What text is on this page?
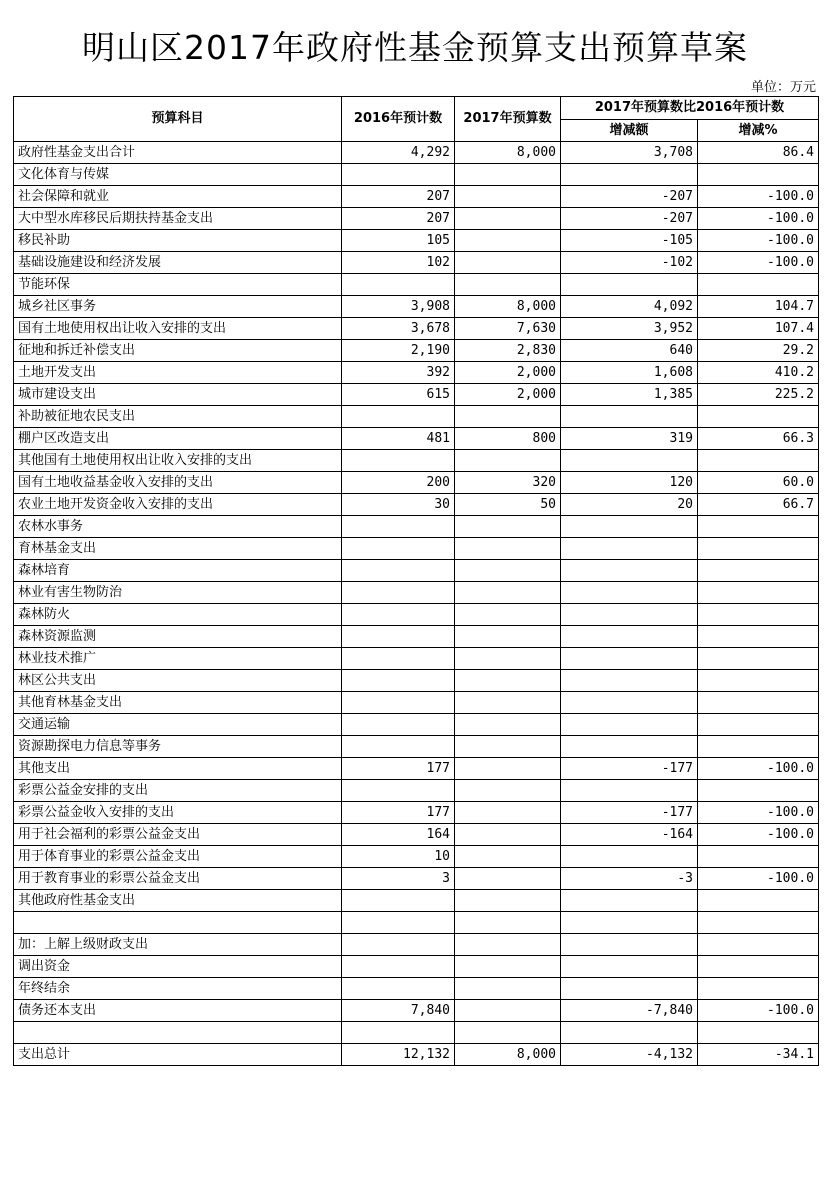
明山区2017年政府性基金预算支出预算草案
单位：万元
预算科目	2016年预计数	2017年预算数	2017年预算数比2016年预计数	
			增减额	增减%
政府性基金支出合计	4,292	8,000	3,708	86.4
文化体育与传媒				
社会保障和就业	207		-207	-100.0
大中型水库移民后期扶持基金支出	207		-207	-100.0
移民补助	105		-105	-100.0
基础设施建设和经济发展	102		-102	-100.0
节能环保				
城乡社区事务	3,908	8,000	4,092	104.7
国有土地使用权出让收入安排的支出	3,678	7,630	3,952	107.4
征地和拆迁补偿支出	2,190	2,830	640	29.2
土地开发支出	392	2,000	1,608	410.2
城市建设支出	615	2,000	1,385	225.2
补助被征地农民支出				
棚户区改造支出	481	800	319	66.3
其他国有土地使用权出让收入安排的支出				
国有土地收益基金收入安排的支出	200	320	120	60.0
农业土地开发资金收入安排的支出	30	50	20	66.7
农林水事务				
育林基金支出				
森林培育				
林业有害生物防治				
森林防火				
森林资源监测				
林业技术推广				
林区公共支出				
其他育林基金支出				
交通运输				
资源勘探电力信息等事务				
其他支出	177		-177	-100.0
彩票公益金安排的支出				
彩票公益金收入安排的支出	177		-177	-100.0
用于社会福利的彩票公益金支出	164		-164	-100.0
用于体育事业的彩票公益金支出	10			
用于教育事业的彩票公益金支出	3		-3	-100.0
其他政府性基金支出				

加：上解上级财政支出				
调出资金				
年终结余				
债务还本支出	7,840		-7,840	-100.0

支出总计	12,132	8,000	-4,132	-34.1
